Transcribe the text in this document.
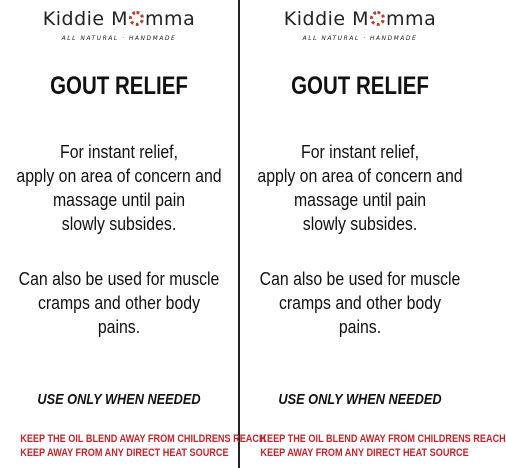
Kiddie M mma
ALL NATURAL · HANDMADE
GOUT RELIEF
For instant relief,
apply on area of concern and
massage until pain
slowly subsides.
Can also be used for muscle
cramps and other body
pains.
USE ONLY WHEN NEEDED
KEEP THE OIL BLEND AWAY FROM CHILDRENS REACH
KEEP AWAY FROM ANY DIRECT HEAT SOURCE
Kiddie M mma
ALL NATURAL · HANDMADE
GOUT RELIEF
For instant relief,
apply on area of concern and
massage until pain
slowly subsides.
Can also be used for muscle
cramps and other body
pains.
USE ONLY WHEN NEEDED
KEEP THE OIL BLEND AWAY FROM CHILDRENS REACH
KEEP AWAY FROM ANY DIRECT HEAT SOURCE
